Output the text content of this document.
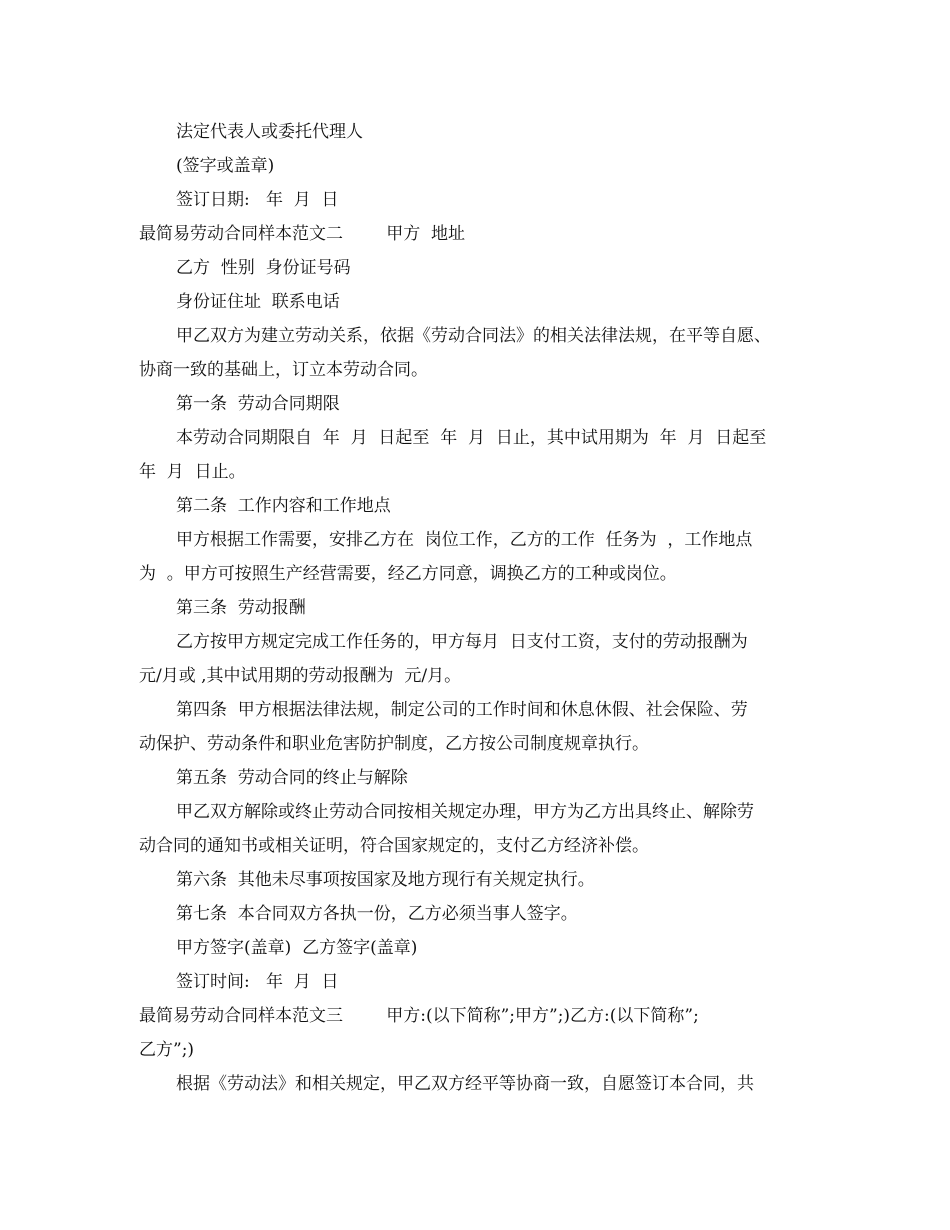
法定代表人或委托代理人
(签字或盖章)
签订日期:   年  月  日
最简易劳动合同样本范文二        甲方  地址
乙方  性别  身份证号码
身份证住址  联系电话
甲乙双方为建立劳动关系，依据《劳动合同法》的相关法律法规，在平等自愿、
协商一致的基础上，订立本劳动合同。
第一条  劳动合同期限
本劳动合同期限自  年  月  日起至  年  月  日止，其中试用期为  年  月  日起至
年  月  日止。
第二条  工作内容和工作地点
甲方根据工作需要，安排乙方在  岗位工作，乙方的工作  任务为  ，工作地点
为  。甲方可按照生产经营需要，经乙方同意，调换乙方的工种或岗位。
第三条  劳动报酬
乙方按甲方规定完成工作任务的，甲方每月  日支付工资，支付的劳动报酬为
元/月或 ,其中试用期的劳动报酬为  元/月。
第四条  甲方根据法律法规，制定公司的工作时间和休息休假、社会保险、劳
动保护、劳动条件和职业危害防护制度，乙方按公司制度规章执行。
第五条  劳动合同的终止与解除
甲乙双方解除或终止劳动合同按相关规定办理，甲方为乙方出具终止、解除劳
动合同的通知书或相关证明，符合国家规定的，支付乙方经济补偿。
第六条  其他未尽事项按国家及地方现行有关规定执行。
第七条  本合同双方各执一份，乙方必须当事人签字。
甲方签字(盖章)  乙方签字(盖章)
签订时间:   年  月  日
最简易劳动合同样本范文三        甲方:(以下简称”;甲方”;)乙方:(以下简称”;
乙方”;)
根据《劳动法》和相关规定，甲乙双方经平等协商一致，自愿签订本合同，共
